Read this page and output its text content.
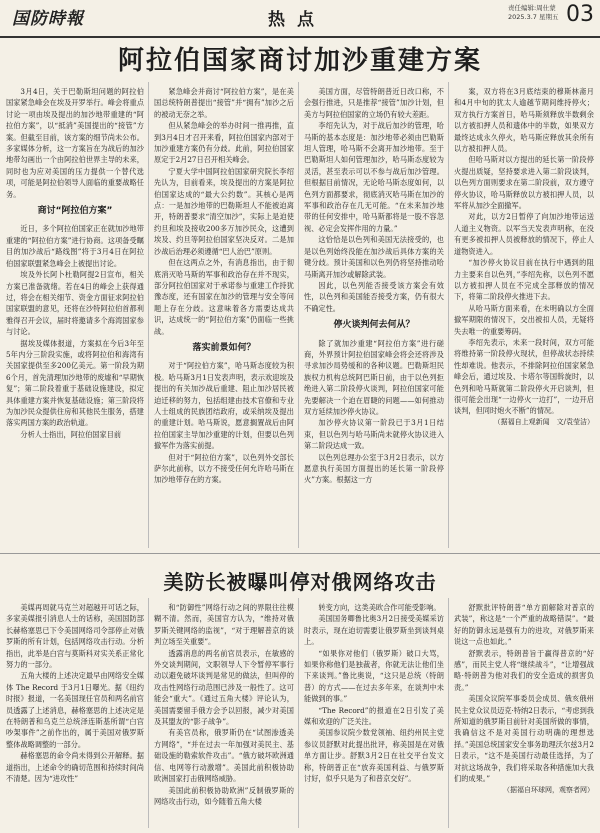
国防時報	热点
责任编辑:周仕蒙
2025.3.7 星期五 03
阿拉伯国家商讨加沙重建方案

3月4日，关于巴勒斯坦问题的阿拉伯国家紧急峰会在埃及开罗举行。峰会将重点讨论一项由埃及提出的加沙地带重建的“阿拉伯方案”，以“抵消”美国提出的“接管”方案。但截至目前，该方案的细节尚未公布。多家媒体分析，这一方案旨在为战后的加沙地带勾画出一个由阿拉伯世界主导的未来，同时也为应对美国的压力提供一个替代选项，可能是阿拉伯领导人面临的重要战略任务。

商讨“阿拉伯方案”

近日，多个阿拉伯国家正在就加沙地带重建的“阿拉伯方案”进行协商。这项备受瞩目的加沙战后“路线图”将于3月4日在阿拉伯国家联盟紧急峰会上被提出讨论。

埃及外长阿卜杜勒阿提2日宣布，相关方案已准备就绪。若在4日的峰会上获得通过，将会在相关细节、资金方面征求阿拉伯国家联盟的意见，还将在沙特阿拉伯首都利雅得召开会议，届时将邀请多个海湾国家参与讨论。

据埃及媒体报道，方案拟在今后3年至5年内分三阶段实施，或将阿拉伯和海湾有关国家提供至多200亿美元。第一阶段为期6个月，首先清理加沙地带的废墟和“早期恢复”；第二阶段着重于基础设施建设，拟定具体重建方案并恢复基础设施；第三阶段将为加沙民众提供住房和其他民生服务，搭建落实两国方案的政治轨道。

分析人士指出，阿拉伯国家目前

紧急峰会并商讨“阿拉伯方案”，是在美国总统特朗普提出“接管”并“拥有”加沙之后的被动无奈之举。

但从紧急峰会的举办时间一推再推，直到3月4日才召开来看，阿拉伯国家内部对于加沙重建方案仍有分歧。此前，阿拉伯国家原定于2月27日召开相关峰会。

宁夏大学中国阿拉伯国家研究院长李绍先认为，目前看来，埃及提出的方案是阿拉伯国家达成的“最大公约数”。其核心是两点：一是加沙地带的巴勒斯坦人不能被迫离开，特朗普要求“清空加沙”，实际上是迫使约旦和埃及接收200多万加沙民众，这遭到埃及、约旦等阿拉伯国家坚决反对。二是加沙战后治理必须遵循“巴人治巴”原则。

但在这两点之外，有消息指出，由于彻底消灭哈马斯的军事和政治存在并不现实，部分阿拉伯国家对于承诺参与重建工作持犹豫态度，还有国家在加沙的管理与安全等问题上存在分歧。这意味着各方需要达成共识，达成统一的“阿拉伯方案”仍面临一些挑战。

落实前景如何？

对于“阿拉伯方案”，哈马斯态度较为积极。哈马斯3月1日发表声明，表示欢迎埃及提出的有关加沙战后重建、阻止加沙居民被迫迁移的努力，包括组建由技术官僚和专业人士组成的民族团结政府，或采纳埃及提出的重建计划。哈马斯说，愿意搁置战后由阿拉伯国家主导加沙重建的计划，但要以色列撤军作为落实前提。

但对于“阿拉伯方案”，以色列外交部长萨尔此前称，以方不接受任何允许哈马斯在加沙地带存在的方案。

美国方面，尽管特朗普近日改口称，不会强行推进，只是推荐“接管”加沙计划，但美方与阿拉伯国家的立场仍有较大差距。

李绍先认为，对于战后加沙的管理，哈马斯的基本态度是：加沙地带必须由巴勒斯坦人管理，哈马斯不会离开加沙地带。至于巴勒斯坦人如何管理加沙，哈马斯态度较为灵活，甚至表示可以不参与战后加沙管理。但根据目前情况，无论哈马斯态度如何，以色列方面都要求，彻底消灭哈马斯在加沙的军事和政治存在几无可能。“在未来加沙地带的任何安排中，哈马斯都将是一股不容忽视、必定会发挥作用的力量。”

这恰恰是以色列和美国无法接受的，也是以色列始终没能在加沙战后具体方案的关键分歧。预计美国和以色列仍将坚持推动哈马斯离开加沙或解除武装。

因此，以色列能否接受该方案会有效性，以色列和美国能否接受方案，仍有很大不确定性。

停火谈判何去何从？

除了就加沙重建“阿拉伯方案”进行磋商，外界预计阿拉伯国家峰会将会还将涉及寻求加沙局势缓和的各种议题。巴勒斯坦民族权力机构总统阿巴斯日前，由于以色列拒绝进入第二阶段停火谈判，阿拉伯国家可能先要解决一个迫在眉睫的问题——如何推动双方延续加沙停火协议。

加沙停火协议第一阶段已于3月1日结束，但以色列与哈马斯尚未就停火协议进入第二阶段达成一致。

以色列总理办公室于3月2日表示，以方愿意执行美国方面提出的延长第一阶段停火”方案。根据这一方

案，双方将在3月底结束的穆斯林斋月和4月中旬的犹太人逾越节期间维持停火；双方执行方案首日，哈马斯须释放半数剩余以方被扣押人员和遗体中的半数，如果双方最终达成永久停火，哈马斯应释放其余所有以方被扣押人员。

但哈马斯对以方提出的延长第一阶段停火提出质疑，坚持要求进入第二阶段谈判，以色列方面则要求在第二阶段前，双方遵守停火协议，哈马斯释放以方被扣押人员，以军将从加沙全面撤军。

对此，以方2日暂停了向加沙地带运送人道主义物资。以军当天发表声明称，在没有更多被扣押人员被释放的情况下，停止人道物资进入。

“加沙停火协议目前在执行中遇到的阻力主要来自以色列，”李绍先称，以色列不愿以方被扣押人员在不完成全部释放的情况下，将第二阶段停火推进下去。

从哈马斯方面来看，在未明确以方全面撤军期限的情况下，交出被扣人员，无疑将失去唯一的重要筹码。

李绍先表示，未来一段时间，双方可能将维持第一阶段停火现状，但停战状态持续性却难说。他表示，不排除阿拉伯国家紧急峰会后，通过埃及、卡塔尔等国斡旋时，以色列和哈马斯就第二阶段停火开启谈判，但很可能会出现“一边停火一边打”，一边开启谈判，但同时炮火不断”的情况。

（据福自上观新闻　文/袁莹洁）
美防长被曝叫停对俄网络攻击

美媒再周就马克兰对超越开可话之际，多家美媒报引消息人士的话称，美国国防部长赫格塞思已下令美国网络司令部停止对俄罗斯的所有计划，包括网络攻击行动。分析指出，此举是白宫与莫斯科对实关系正常化努力的一部分。

五角大楼的上述决定最早由网络安全媒体 The Record 于3月1日曝光。据《纽约时报》报道，一名美国现任官员和两名前官员透露了上述消息，赫格塞思的上述决定是在特朗普和乌克兰总统泽连斯基所谓“白宫吵架事件”之前作出的，属于美国对俄罗斯整体战略调整的一部分。

赫格塞思的命令尚未得到公开解释。据道指出，上述命令的确切范围和持续时间尚不清楚。因为“进攻性”

和“防御性”网络行动之间的界限往往模糊不清。然而，美国官方认为，“维持对俄罗斯关键网络的监视”，“对于理解普京的谈判立场至关重要”。

透露消息的两名前官员表示，在敏感的外交谈判期间，文职领导人下令暂停军事行动以避免破坏谈判是常见的做法，但叫停的攻击性网络行动范围已涉及一般性了。这可能会“重大”。《通过五角大楼》评论认为，美国需要留手俄方会予以回报，减少对美国及其盟友的“影子战争”。

有美官员称，俄罗斯仍在“试图渗透美方网络”，“并在过去一年加强对美民主、基础设施的勒索软件攻击”。“俄方破坏欧洲通信、电网等行动激增”。美国此前积极协助欧洲国家打击俄网络威胁。

美国此前积极协助欧洲”反制俄罗斯的网络攻击行动，如今随着五角大楼

转变方向，这类美欧合作可能受影响。

美国国务卿鲁比奥3月2日接受美媒采访时表示，现在迫切需要让俄罗斯坐到谈判桌上。

“如果你对他们（俄罗斯）破口大骂，如果你称他们是独裁者，你就无法让他们坐下来谈判。”鲁比奥说，“这只是总统（特朗普）的方式——在过去多年来，在谈判中未能做到的事。”

“The Record”的报道在2日引发了美媒和欢迎的广泛关注。

美国参议院少数党领袖、纽约州民主党参议员舒默对此提出批评，称美国是在对俄单方面让步。舒默3月2日在社交平台发文称，特朗普正在“放弃美国利益、与俄罗斯讨好，似乎只是为了和普京交好”。

舒默批评特朗普“单方面解除对普京的武装”，称这是“一个严重的战略错误”。“最好的防御永远是强有力的进攻，对俄罗斯来说这一点也如此。”

舒默表示，特朗普旨于赢得普京的“好感”，而民主党人将“继续战斗”，“让增强战略·特朗普为他对我们的安全造成的损害负责。”

美国众议院军事委员会成员、俄亥俄州民主党众议员迈克·特纳2日表示，“考虑到我所知道的俄罗斯目前针对美国所做的事情，我确信这不是对美国行动明确的理想选择。”美国总统国家安全事务助理沃尔兹3月2日表示，“这不是美国行动最佳选择，为了对抗这场战争，我们将采取各种措施加大我们的成果。”

（据福自环球网，观察者网）
